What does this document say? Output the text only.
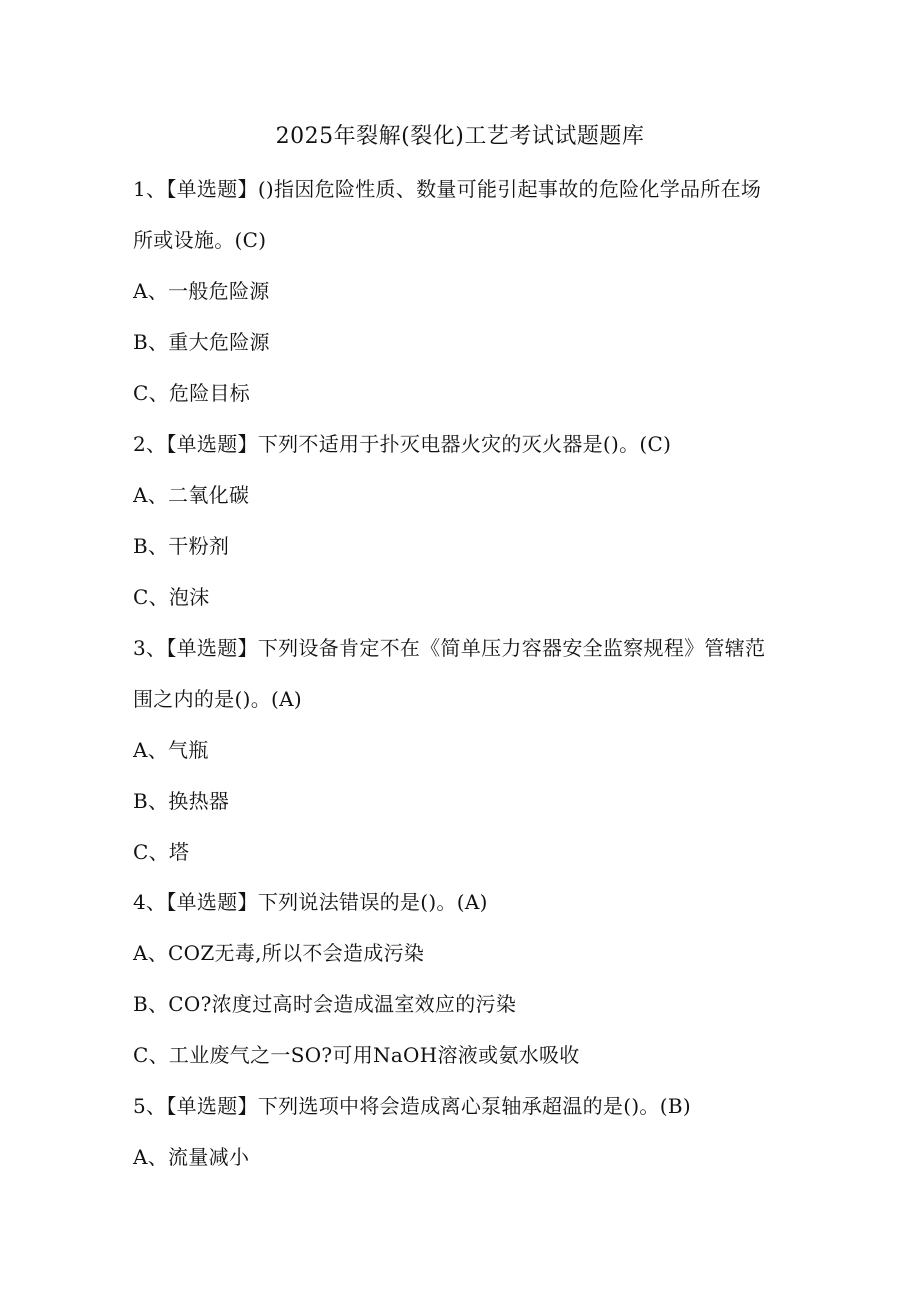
2025年裂解(裂化)工艺考试试题题库
1、【单选题】()指因危险性质、数量可能引起事故的危险化学品所在场
所或设施。(C)
A、一般危险源
B、重大危险源
C、危险目标
2、【单选题】下列不适用于扑灭电器火灾的灭火器是()。(C)
A、二氧化碳
B、干粉剂
C、泡沫
3、【单选题】下列设备肯定不在《简单压力容器安全监察规程》管辖范
围之内的是()。(A)
A、气瓶
B、换热器
C、塔
4、【单选题】下列说法错误的是()。(A)
A、COZ无毒,所以不会造成污染
B、CO?浓度过高时会造成温室效应的污染
C、工业废气之一SO?可用NaOH溶液或氨水吸收
5、【单选题】下列选项中将会造成离心泵轴承超温的是()。(B)
A、流量减小
